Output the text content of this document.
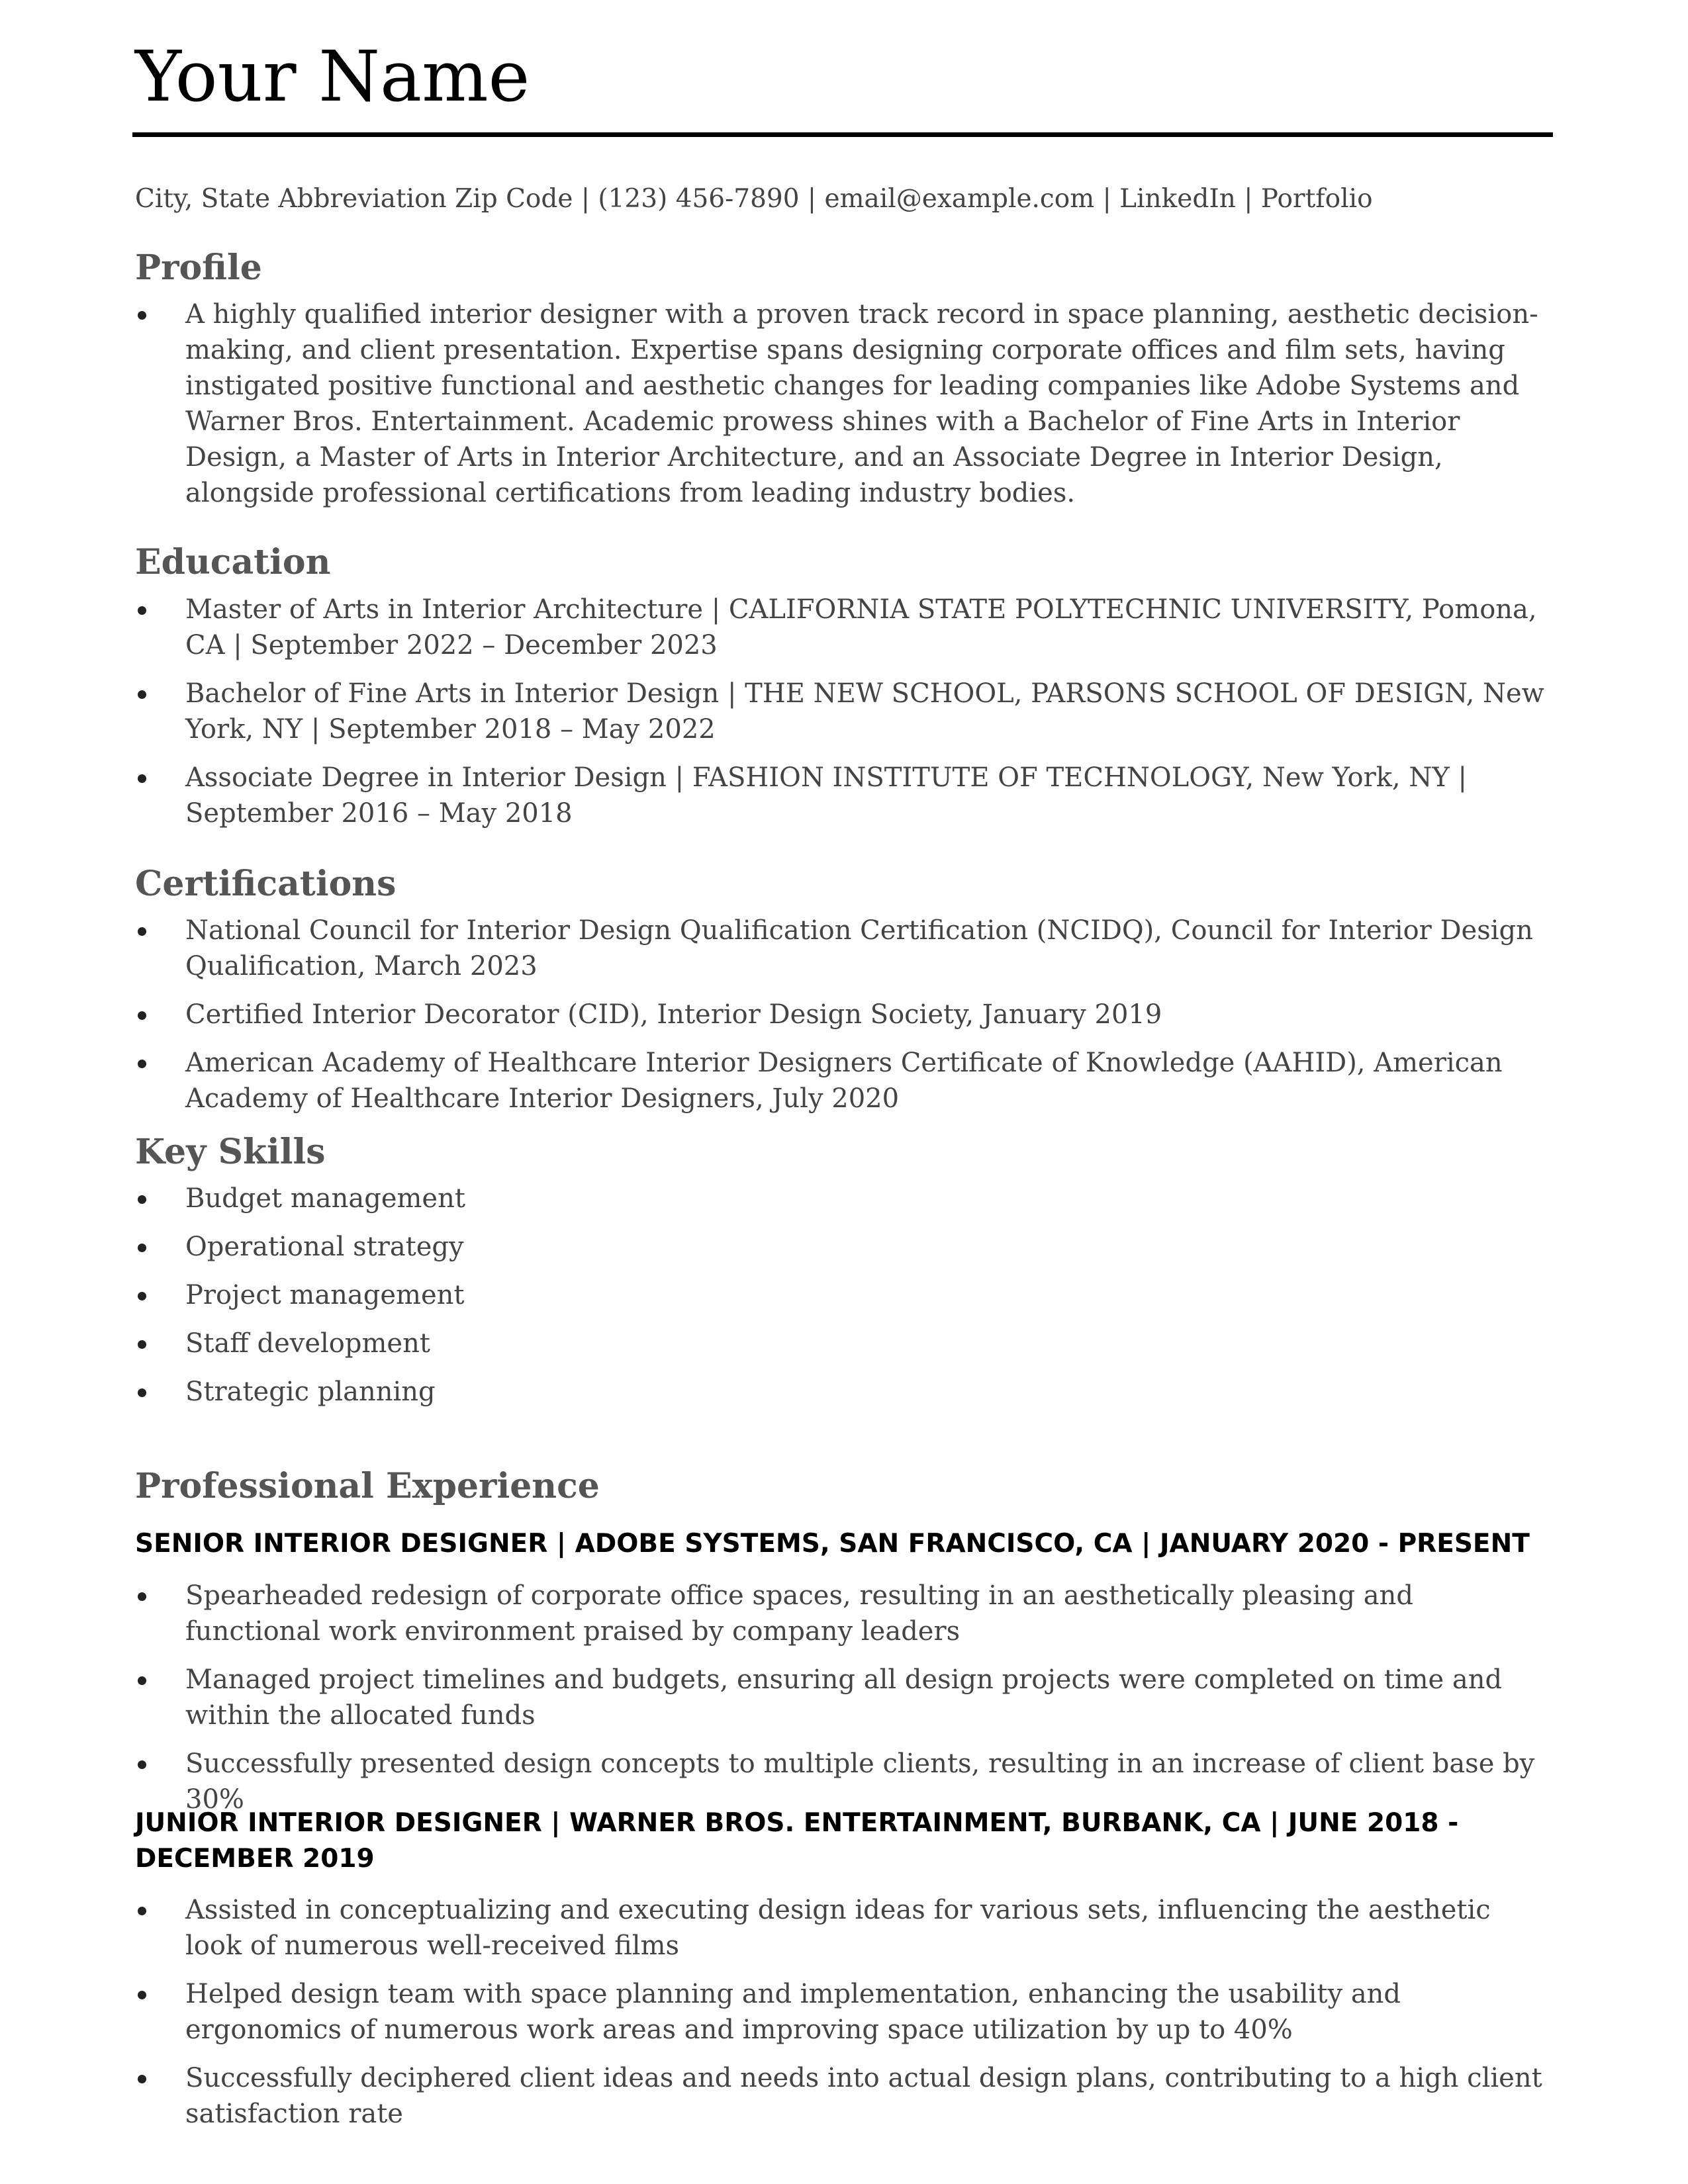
Your Name
City, State Abbreviation Zip Code | (123) 456-7890 | email@example.com | LinkedIn | Portfolio
Profile
A highly qualified interior designer with a proven track record in space planning, aesthetic decision-making, and client presentation. Expertise spans designing corporate offices and film sets, having instigated positive functional and aesthetic changes for leading companies like Adobe Systems and Warner Bros. Entertainment. Academic prowess shines with a Bachelor of Fine Arts in Interior Design, a Master of Arts in Interior Architecture, and an Associate Degree in Interior Design, alongside professional certifications from leading industry bodies.
Education
Master of Arts in Interior Architecture | CALIFORNIA STATE POLYTECHNIC UNIVERSITY, Pomona, CA | September 2022 – December 2023
Bachelor of Fine Arts in Interior Design | THE NEW SCHOOL, PARSONS SCHOOL OF DESIGN, New York, NY | September 2018 – May 2022
Associate Degree in Interior Design | FASHION INSTITUTE OF TECHNOLOGY, New York, NY | September 2016 – May 2018
Certifications
National Council for Interior Design Qualification Certification (NCIDQ), Council for Interior Design Qualification, March 2023
Certified Interior Decorator (CID), Interior Design Society, January 2019
American Academy of Healthcare Interior Designers Certificate of Knowledge (AAHID), American Academy of Healthcare Interior Designers, July 2020
Key Skills
Budget management
Operational strategy
Project management
Staff development
Strategic planning
Professional Experience
SENIOR INTERIOR DESIGNER | ADOBE SYSTEMS, SAN FRANCISCO, CA | JANUARY 2020 - PRESENT
Spearheaded redesign of corporate office spaces, resulting in an aesthetically pleasing and functional work environment praised by company leaders
Managed project timelines and budgets, ensuring all design projects were completed on time and within the allocated funds
Successfully presented design concepts to multiple clients, resulting in an increase of client base by 30%
JUNIOR INTERIOR DESIGNER | WARNER BROS. ENTERTAINMENT, BURBANK, CA | JUNE 2018 - DECEMBER 2019
Assisted in conceptualizing and executing design ideas for various sets, influencing the aesthetic look of numerous well-received films
Helped design team with space planning and implementation, enhancing the usability and ergonomics of numerous work areas and improving space utilization by up to 40%
Successfully deciphered client ideas and needs into actual design plans, contributing to a high client satisfaction rate
